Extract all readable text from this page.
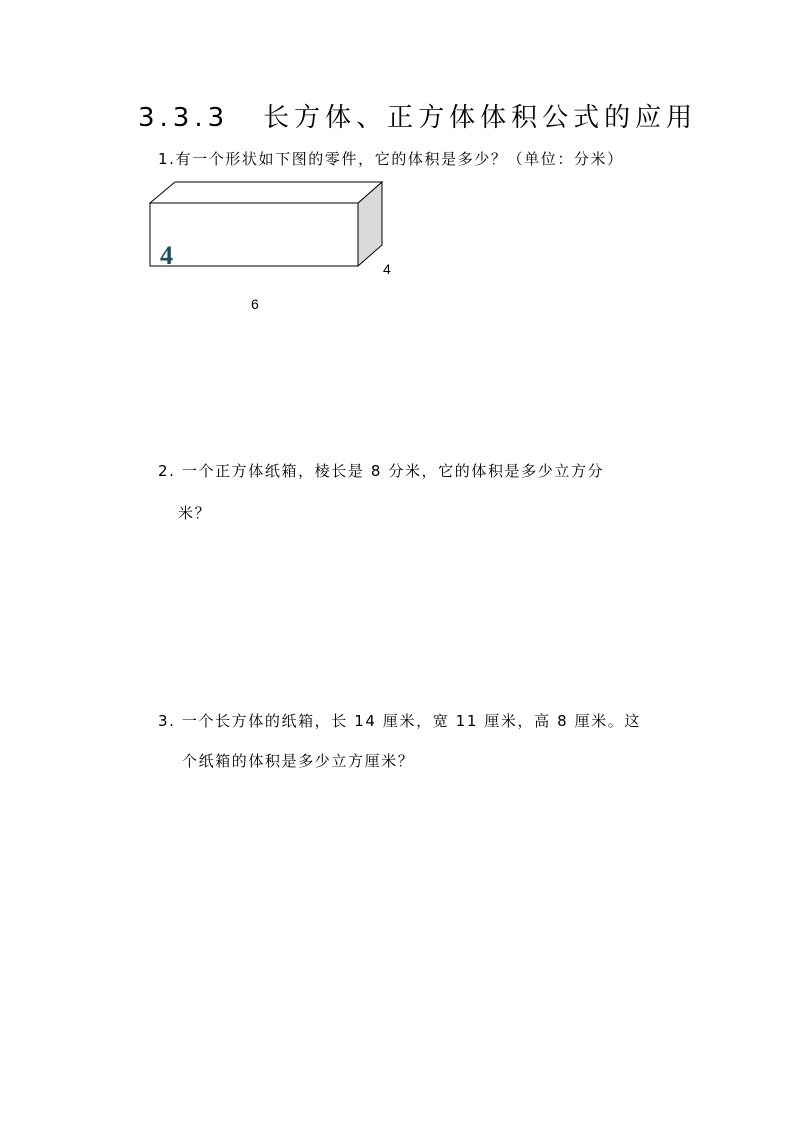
3.3.3 长方体、正方体体积公式的应用
1.有一个形状如下图的零件，它的体积是多少？（单位：分米）
4	4
6
2. 一个正方体纸箱，棱长是 8 分米，它的体积是多少立方分
米？
3. 一个长方体的纸箱，长 14 厘米，宽 11 厘米，高 8 厘米。这
个纸箱的体积是多少立方厘米？
